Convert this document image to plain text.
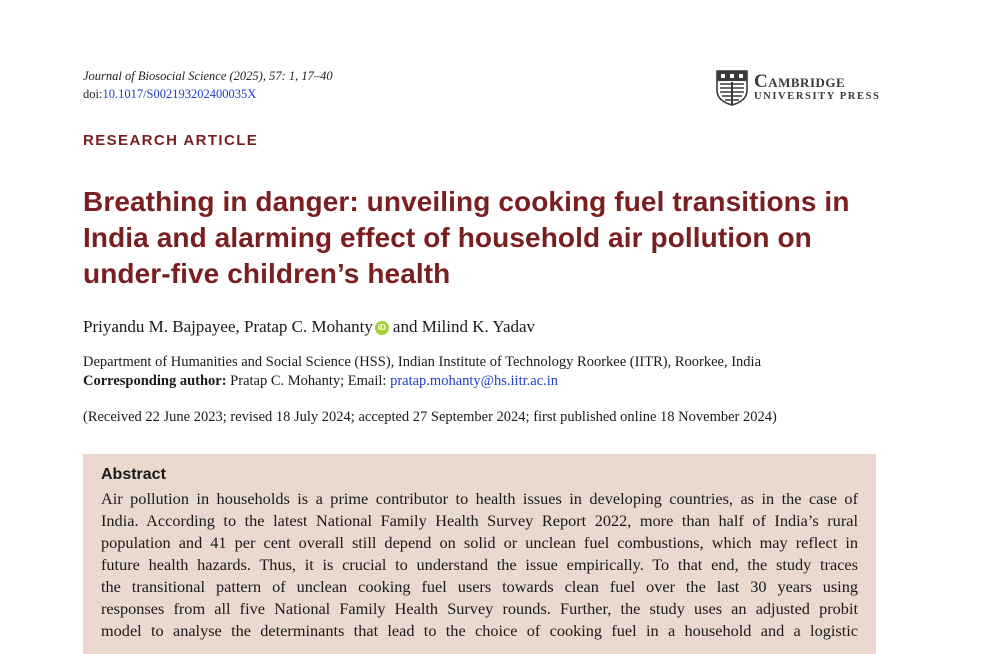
Journal of Biosocial Science (2025), 57: 1, 17–40
doi:10.1017/S002193202400035X
Cambridge
UNIVERSITY PRESS
RESEARCH ARTICLE
Breathing in danger: unveiling cooking fuel transitions in India and alarming effect of household air pollution on under-five children’s health
Priyandu M. Bajpayee, Pratap C. Mohanty iD and Milind K. Yadav
Department of Humanities and Social Science (HSS), Indian Institute of Technology Roorkee (IITR), Roorkee, India
Corresponding author: Pratap C. Mohanty; Email: pratap.mohanty@hs.iitr.ac.in
(Received 22 June 2023; revised 18 July 2024; accepted 27 September 2024; first published online 18 November 2024)
Abstract
Air pollution in households is a prime contributor to health issues in developing countries, as in the case of
India. According to the latest National Family Health Survey Report 2022, more than half of India’s rural
population and 41 per cent overall still depend on solid or unclean fuel combustions, which may reflect in
future health hazards. Thus, it is crucial to understand the issue empirically. To that end, the study traces
the transitional pattern of unclean cooking fuel users towards clean fuel over the last 30 years using
responses from all five National Family Health Survey rounds. Further, the study uses an adjusted probit
model to analyse the determinants that lead to the choice of cooking fuel in a household and a logistic
